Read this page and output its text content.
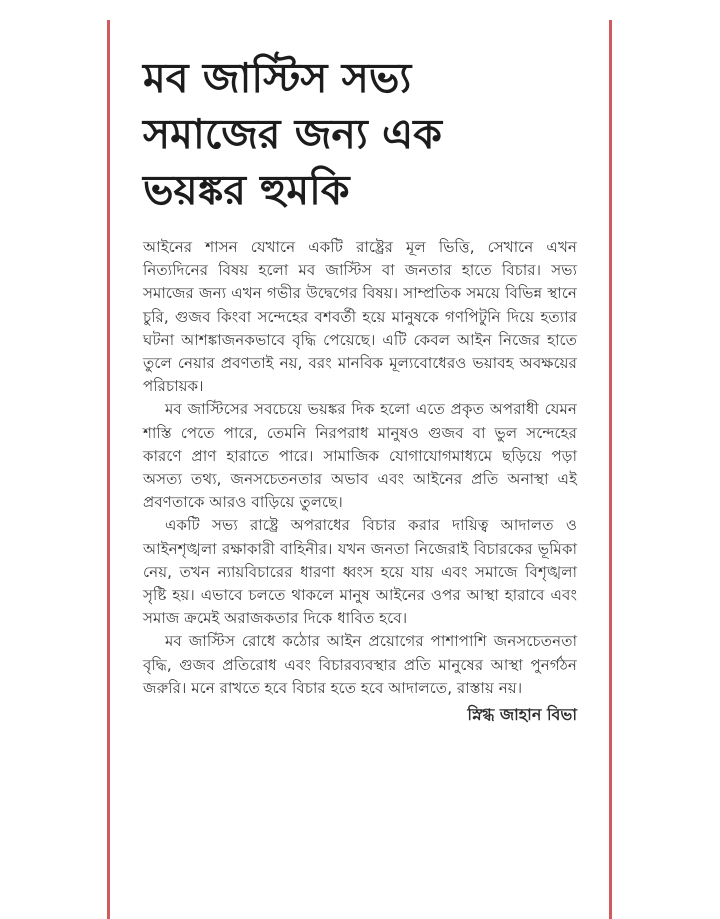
মব জাস্টিস সভ্য
সমাজের জন্য এক
ভয়ঙ্কর হুমকি

আইনের শাসন যেখানে একটি রাষ্ট্রের মূল ভিত্তি, সেখানে এখন নিত্যদিনের বিষয় হলো মব জাস্টিস বা জনতার হাতে বিচার। সভ্য সমাজের জন্য এখন গভীর উদ্বেগের বিষয়। সাম্প্রতিক সময়ে বিভিন্ন স্থানে চুরি, গুজব কিংবা সন্দেহের বশবর্তী হয়ে মানুষকে গণপিটুনি দিয়ে হত্যার ঘটনা আশঙ্কাজনকভাবে বৃদ্ধি পেয়েছে। এটি কেবল আইন নিজের হাতে তুলে নেয়ার প্রবণতাই নয়, বরং মানবিক মূল্যবোধেরও ভয়াবহ অবক্ষয়ের পরিচায়ক।

মব জাস্টিসের সবচেয়ে ভয়ঙ্কর দিক হলো এতে প্রকৃত অপরাধী যেমন শাস্তি পেতে পারে, তেমনি নিরপরাধ মানুষও গুজব বা ভুল সন্দেহের কারণে প্রাণ হারাতে পারে। সামাজিক যোগাযোগমাধ্যমে ছড়িয়ে পড়া অসত্য তথ্য, জনসচেতনতার অভাব এবং আইনের প্রতি অনাস্থা এই প্রবণতাকে আরও বাড়িয়ে তুলছে।

একটি সভ্য রাষ্ট্রে অপরাধের বিচার করার দায়িত্ব আদালত ও আইনশৃঙ্খলা রক্ষাকারী বাহিনীর। যখন জনতা নিজেরাই বিচারকের ভূমিকা নেয়, তখন ন্যায়বিচারের ধারণা ধ্বংস হয়ে যায় এবং সমাজে বিশৃঙ্খলা সৃষ্টি হয়। এভাবে চলতে থাকলে মানুষ আইনের ওপর আস্থা হারাবে এবং সমাজ ক্রমেই অরাজকতার দিকে ধাবিত হবে।

মব জাস্টিস রোধে কঠোর আইন প্রয়োগের পাশাপাশি জনসচেতনতা বৃদ্ধি, গুজব প্রতিরোধ এবং বিচারব্যবস্থার প্রতি মানুষের আস্থা পুনর্গঠন জরুরি। মনে রাখতে হবে বিচার হতে হবে আদালতে, রাস্তায় নয়।

স্নিগ্ধ জাহান বিভা
